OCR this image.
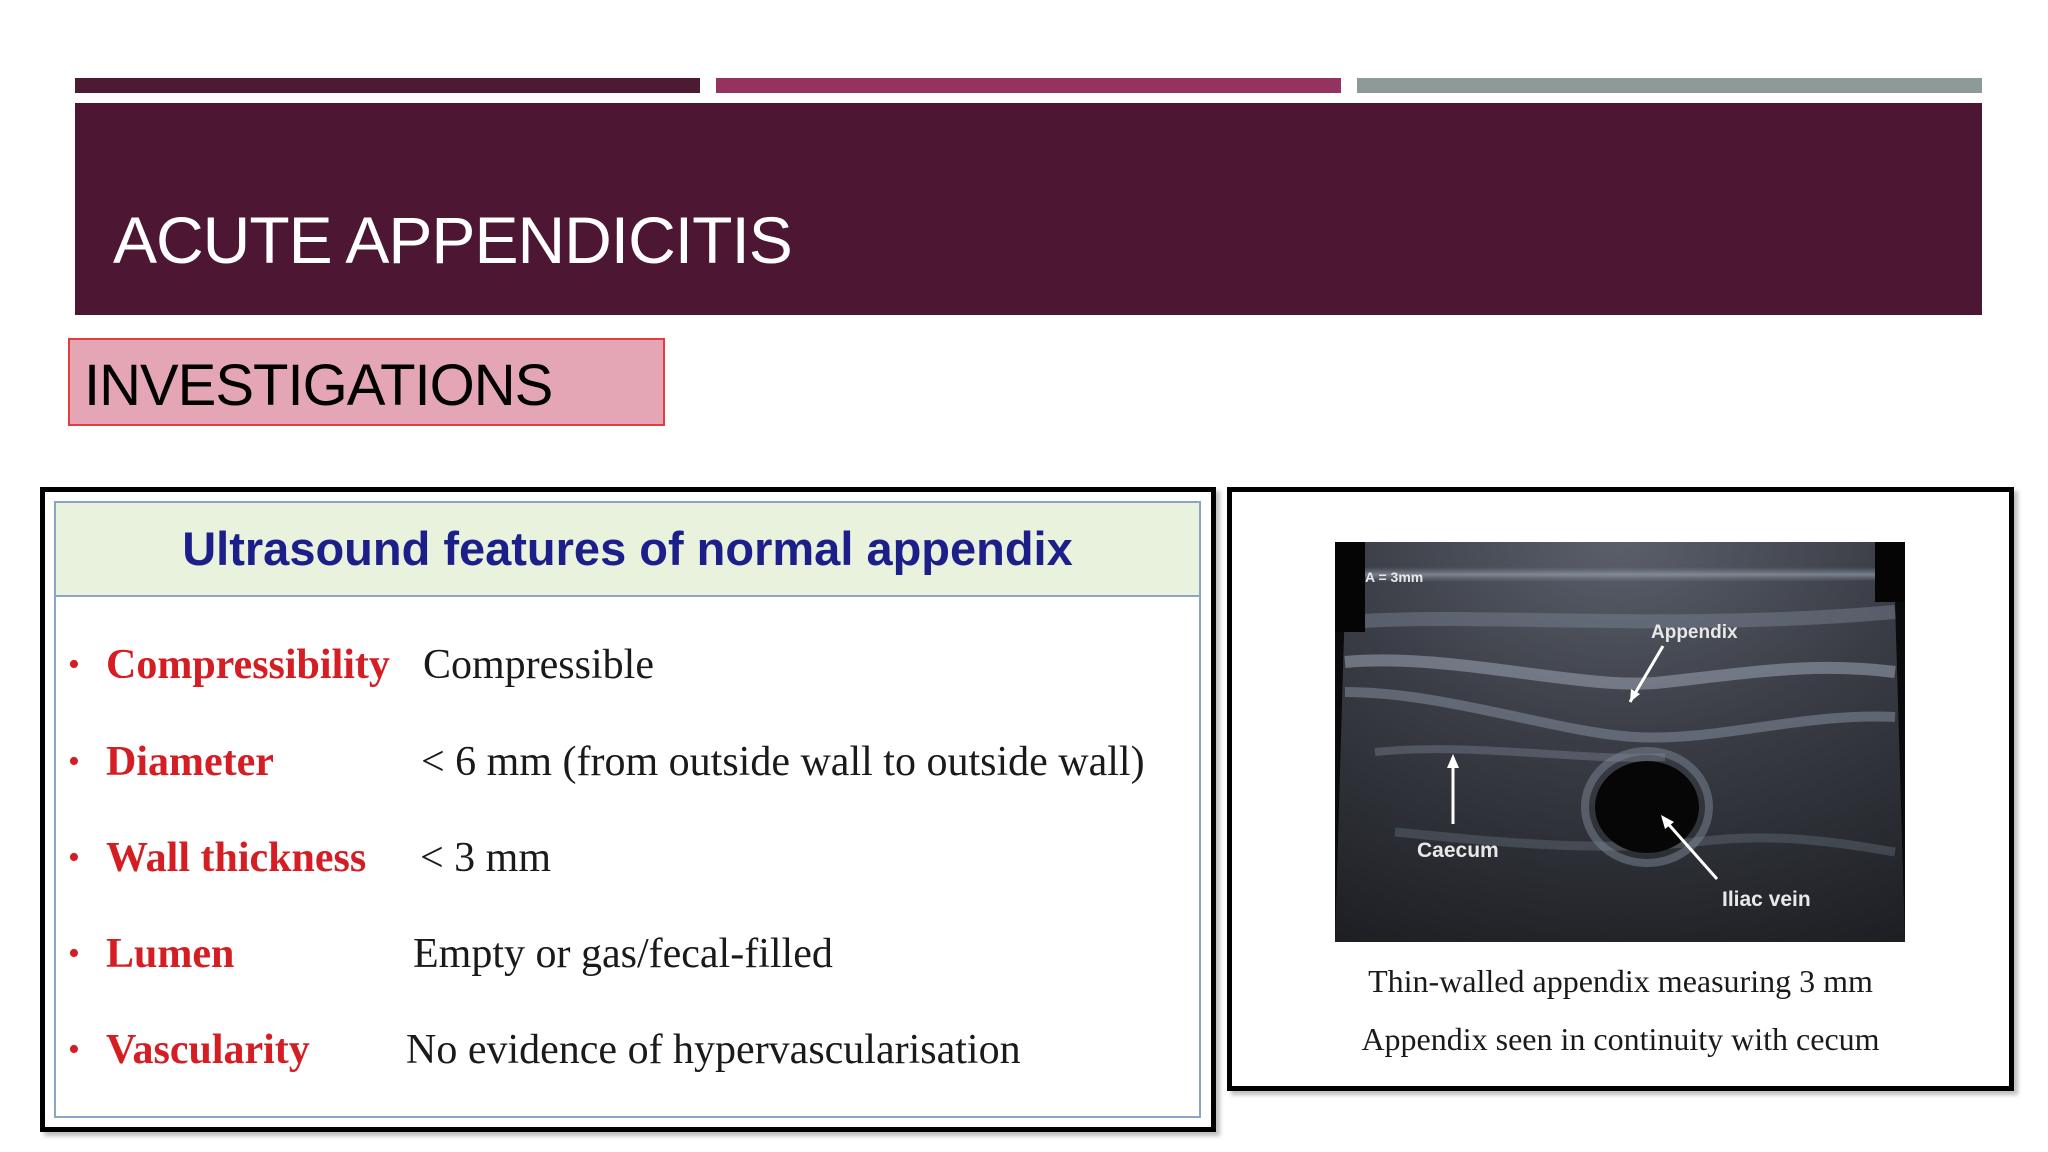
ACUTE APPENDICITIS
INVESTIGATIONS
Ultrasound features of normal appendix
• Compressibility Compressible
• Diameter	< 6 mm (from outside wall to outside wall)
• Wall thickness < 3 mm
• Lumen	Empty or gas/fecal-filled
• Vascularity No evidence of hypervascularisation
A = 3mm
Appendix
Caecum
Iliac vein
Thin-walled appendix measuring 3 mm
Appendix seen in continuity with cecum
